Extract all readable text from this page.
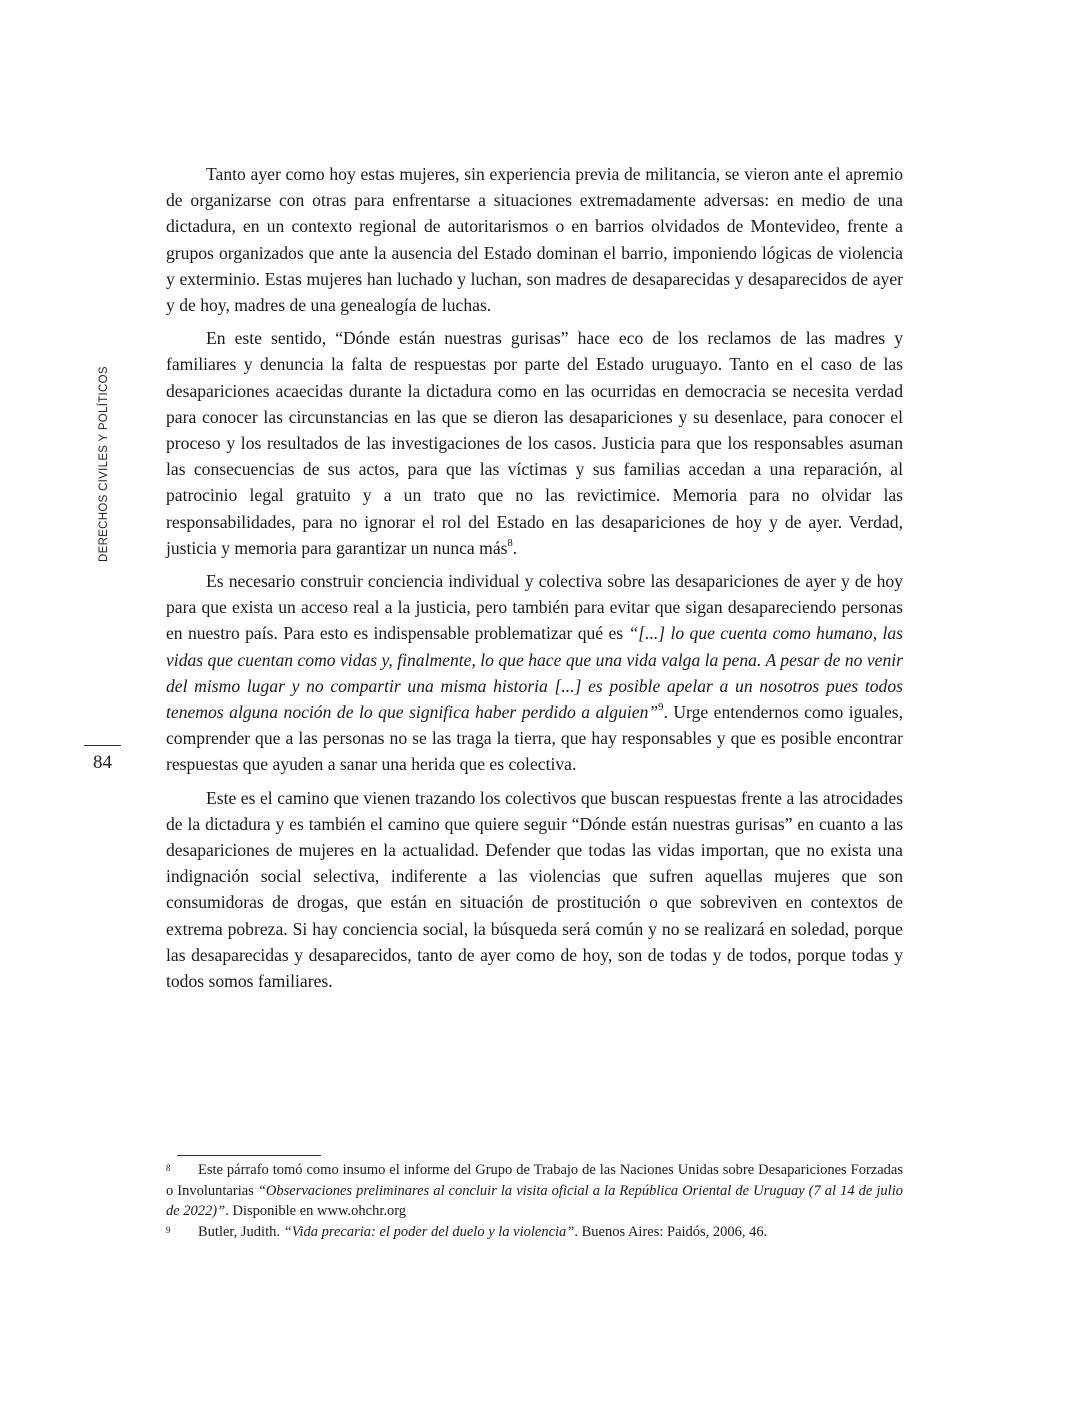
DERECHOS CIVILES Y POLÍTICOS
84

Tanto ayer como hoy estas mujeres, sin experiencia previa de militancia, se vieron ante el apremio de organizarse con otras para enfrentarse a situaciones extremadamente adversas: en medio de una dictadura, en un contexto regional de autoritarismos o en barrios olvidados de Montevideo, frente a grupos organizados que ante la ausencia del Estado dominan el barrio, imponiendo lógicas de violencia y exterminio. Estas mujeres han luchado y luchan, son madres de desaparecidas y desaparecidos de ayer y de hoy, madres de una genealogía de luchas.

En este sentido, “Dónde están nuestras gurisas” hace eco de los reclamos de las madres y familiares y denuncia la falta de respuestas por parte del Estado uruguayo. Tanto en el caso de las desapariciones acaecidas durante la dictadura como en las ocurridas en democracia se necesita verdad para conocer las circunstancias en las que se dieron las desapariciones y su desenlace, para conocer el proceso y los resultados de las investigaciones de los casos. Justicia para que los responsables asuman las consecuencias de sus actos, para que las víctimas y sus familias accedan a una reparación, al patrocinio legal gratuito y a un trato que no las revictimice. Memoria para no olvidar las responsabilidades, para no ignorar el rol del Estado en las desapariciones de hoy y de ayer. Verdad, justicia y memoria para garantizar un nunca más$^8$.

Es necesario construir conciencia individual y colectiva sobre las desapariciones de ayer y de hoy para que exista un acceso real a la justicia, pero también para evitar que sigan desapareciendo personas en nuestro país. Para esto es indispensable problematizar qué es “[...] lo que cuenta como humano, las vidas que cuentan como vidas y, finalmente, lo que hace que una vida valga la pena. A pesar de no venir del mismo lugar y no compartir una misma historia [...] es posible apelar a un nosotros pues todos tenemos alguna noción de lo que significa haber perdido a alguien”$^9$. Urge entendernos como iguales, comprender que a las personas no se las traga la tierra, que hay responsables y que es posible encontrar respuestas que ayuden a sanar una herida que es colectiva.

Este es el camino que vienen trazando los colectivos que buscan respuestas frente a las atrocidades de la dictadura y es también el camino que quiere seguir “Dónde están nuestras gurisas” en cuanto a las desapariciones de mujeres en la actualidad. Defender que todas las vidas importan, que no exista una indignación social selectiva, indiferente a las violencias que sufren aquellas mujeres que son consumidoras de drogas, que están en situación de prostitución o que sobreviven en contextos de extrema pobreza. Si hay conciencia social, la búsqueda será común y no se realizará en soledad, porque las desaparecidas y desaparecidos, tanto de ayer como de hoy, son de todas y de todos, porque todas y todos somos familiares.

8 Este párrafo tomó como insumo el informe del Grupo de Trabajo de las Naciones Unidas sobre Desapariciones Forzadas o Involuntarias “Observaciones preliminares al concluir la visita oficial a la República Oriental de Uruguay (7 al 14 de julio de 2022)”. Disponible en www.ohchr.org

9 Butler, Judith. “Vida precaria: el poder del duelo y la violencia”. Buenos Aires: Paidós, 2006, 46.
